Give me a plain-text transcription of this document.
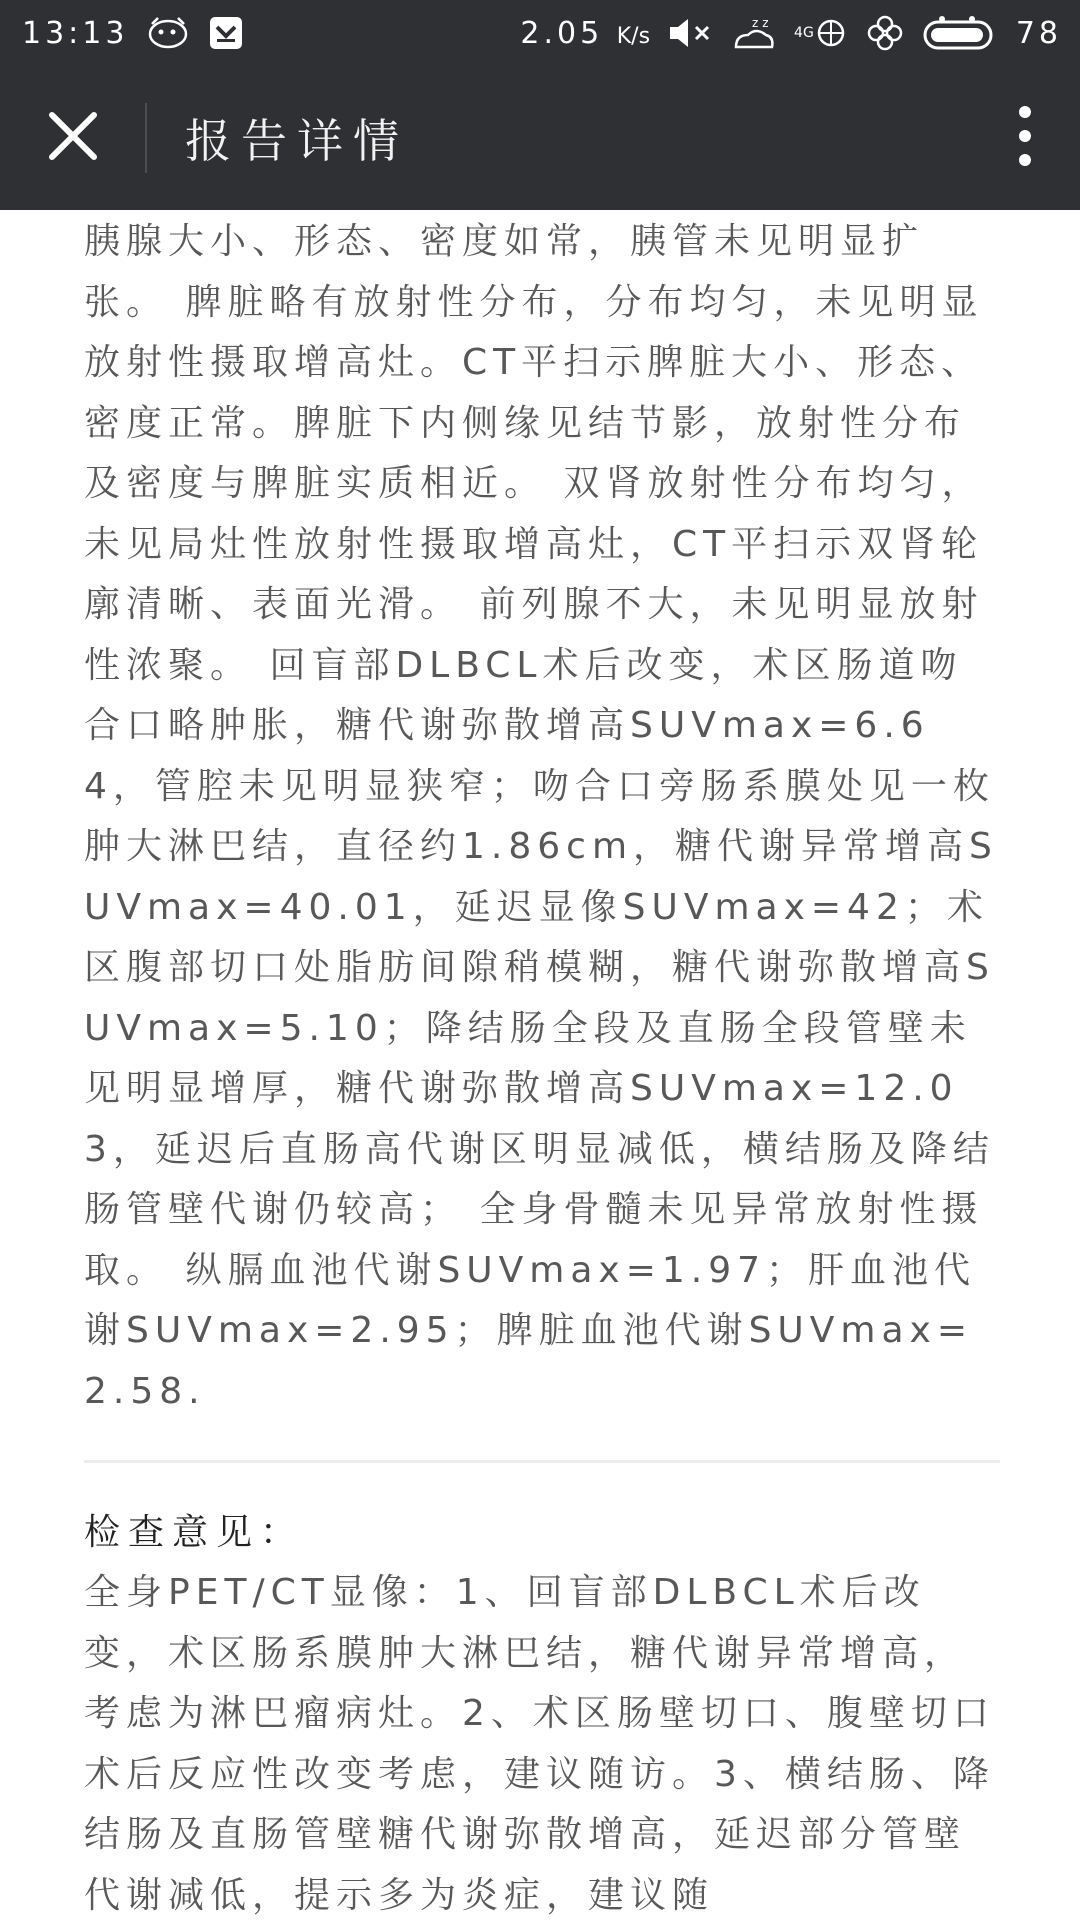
13:13	2.05 K/s
zz
4G	78
报告详情

胰腺大小、形态、密度如常，胰管未见明显扩张。 脾脏略有放射性分布，分布均匀，未见明显放射性摄取增高灶。CT平扫示脾脏大小、形态、密度正常。脾脏下内侧缘见结节影，放射性分布及密度与脾脏实质相近。 双肾放射性分布均匀，未见局灶性放射性摄取增高灶，CT平扫示双肾轮廓清晰、表面光滑。 前列腺不大，未见明显放射性浓聚。 回盲部DLBCL术后改变，术区肠道吻合口略肿胀，糖代谢弥散增高SUVmax=6.64，管腔未见明显狭窄；吻合口旁肠系膜处见一枚肿大淋巴结，直径约1.86cm，糖代谢异常增高SUVmax=40.01，延迟显像SUVmax=42；术区腹部切口处脂肪间隙稍模糊，糖代谢弥散增高SUVmax=5.10；降结肠全段及直肠全段管壁未见明显增厚，糖代谢弥散增高SUVmax=12.03，延迟后直肠高代谢区明显减低，横结肠及降结肠管壁代谢仍较高； 全身骨髓未见异常放射性摄取。 纵膈血池代谢SUVmax=1.97；肝血池代谢SUVmax=2.95；脾脏血池代谢SUVmax=2.58.

检查意见：

全身PET/CT显像：1、回盲部DLBCL术后改变，术区肠系膜肿大淋巴结，糖代谢异常增高，考虑为淋巴瘤病灶。2、术区肠壁切口、腹壁切口术后反应性改变考虑，建议随访。3、横结肠、降结肠及直肠管壁糖代谢弥散增高，延迟部分管壁代谢减低，提示多为炎症，建议随
